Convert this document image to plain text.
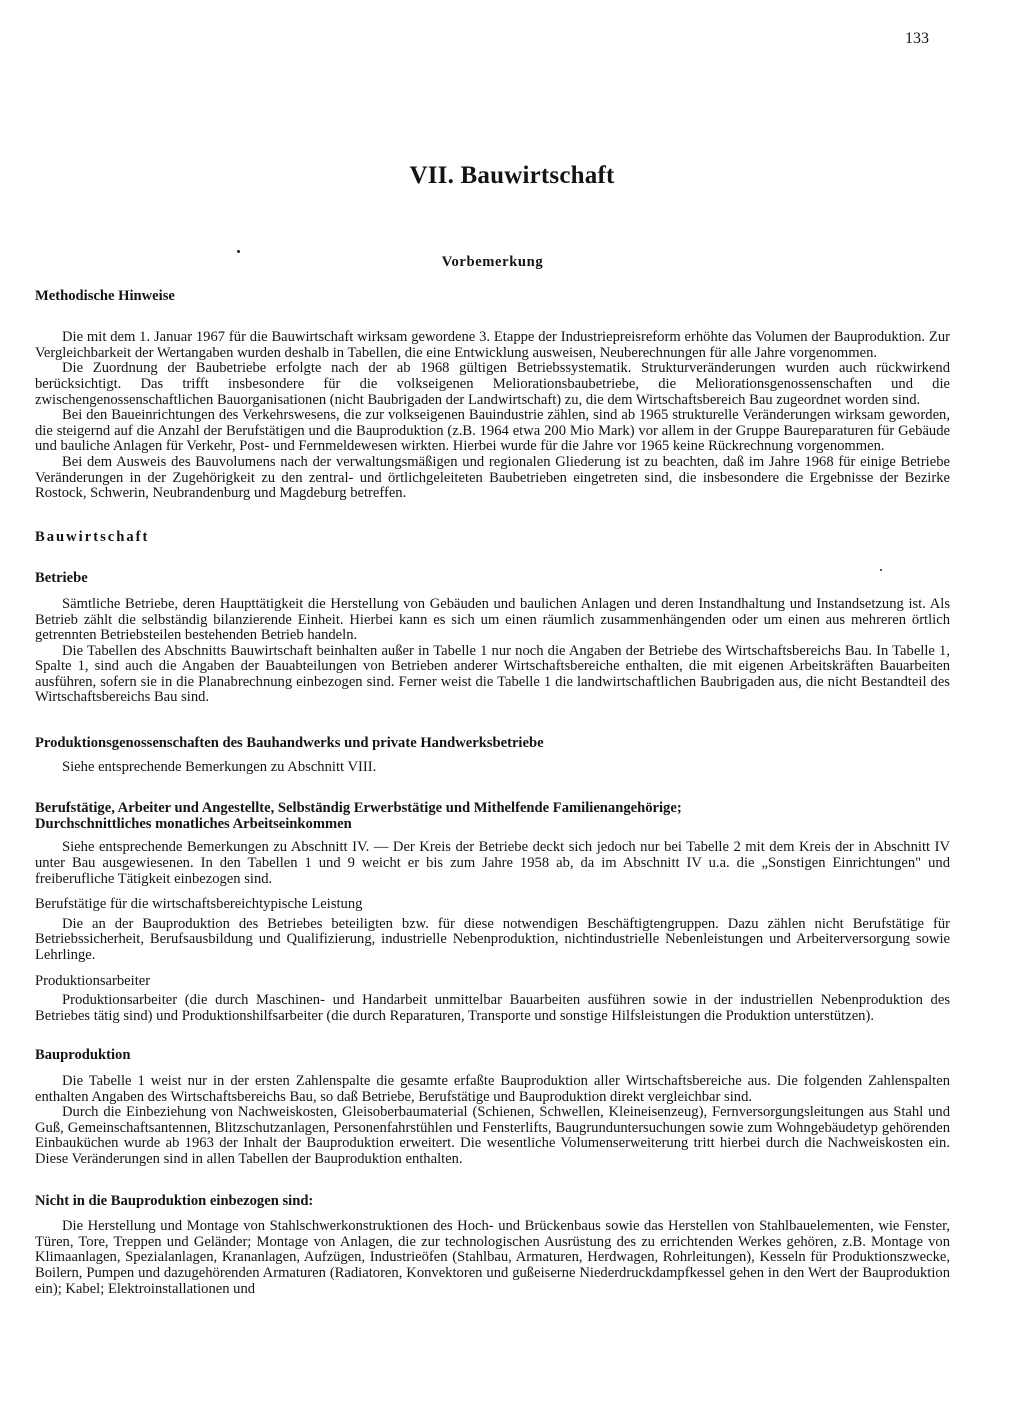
133
VII. Bauwirtschaft
Vorbemerkung
Methodische Hinweise

Die mit dem 1. Januar 1967 für die Bauwirtschaft wirksam gewordene 3. Etappe der Industriepreisreform erhöhte das Volumen der Bauproduktion. Zur Vergleichbarkeit der Wertangaben wurden deshalb in Tabellen, die eine Entwicklung ausweisen, Neuberechnungen für alle Jahre vorgenommen.

Die Zuordnung der Baubetriebe erfolgte nach der ab 1968 gültigen Betriebssystematik. Strukturveränderungen wurden auch rückwirkend berücksichtigt. Das trifft insbesondere für die volkseigenen Meliorationsbaubetriebe, die Meliorationsgenossenschaften und die zwischengenossenschaftlichen Bauorganisationen (nicht Baubrigaden der Landwirtschaft) zu, die dem Wirtschaftsbereich Bau zugeordnet worden sind.

Bei den Baueinrichtungen des Verkehrswesens, die zur volkseigenen Bauindustrie zählen, sind ab 1965 strukturelle Veränderungen wirksam geworden, die steigernd auf die Anzahl der Berufstätigen und die Bauproduktion (z.B. 1964 etwa 200 Mio Mark) vor allem in der Gruppe Baureparaturen für Gebäude und bauliche Anlagen für Verkehr, Post- und Fernmeldewesen wirkten. Hierbei wurde für die Jahre vor 1965 keine Rückrechnung vorgenommen.

Bei dem Ausweis des Bauvolumens nach der verwaltungsmäßigen und regionalen Gliederung ist zu beachten, daß im Jahre 1968 für einige Betriebe Veränderungen in der Zugehörigkeit zu den zentral- und örtlichgeleiteten Baubetrieben eingetreten sind, die insbesondere die Ergebnisse der Bezirke Rostock, Schwerin, Neubrandenburg und Magdeburg betreffen.

Bauwirtschaft
Betriebe

Sämtliche Betriebe, deren Haupttätigkeit die Herstellung von Gebäuden und baulichen Anlagen und deren Instandhaltung und Instandsetzung ist. Als Betrieb zählt die selbständig bilanzierende Einheit. Hierbei kann es sich um einen räumlich zusammenhängenden oder um einen aus mehreren örtlich getrennten Betriebsteilen bestehenden Betrieb handeln.

Die Tabellen des Abschnitts Bauwirtschaft beinhalten außer in Tabelle 1 nur noch die Angaben der Betriebe des Wirtschaftsbereichs Bau. In Tabelle 1, Spalte 1, sind auch die Angaben der Bauabteilungen von Betrieben anderer Wirtschaftsbereiche enthalten, die mit eigenen Arbeitskräften Bauarbeiten ausführen, sofern sie in die Planabrechnung einbezogen sind. Ferner weist die Tabelle 1 die landwirtschaftlichen Baubrigaden aus, die nicht Bestandteil des Wirtschaftsbereichs Bau sind.

Produktionsgenossenschaften des Bauhandwerks und private Handwerksbetriebe

Siehe entsprechende Bemerkungen zu Abschnitt VIII.

Berufstätige, Arbeiter und Angestellte, Selbständig Erwerbstätige und Mithelfende Familienangehörige;
Durchschnittliches monatliches Arbeitseinkommen

Siehe entsprechende Bemerkungen zu Abschnitt IV. — Der Kreis der Betriebe deckt sich jedoch nur bei Tabelle 2 mit dem Kreis der in Abschnitt IV unter Bau ausgewiesenen. In den Tabellen 1 und 9 weicht er bis zum Jahre 1958 ab, da im Abschnitt IV u.a. die „Sonstigen Einrichtungen" und freiberufliche Tätigkeit einbezogen sind.

Berufstätige für die wirtschaftsbereichtypische Leistung

Die an der Bauproduktion des Betriebes beteiligten bzw. für diese notwendigen Beschäftigtengruppen. Dazu zählen nicht Berufstätige für Betriebssicherheit, Berufsausbildung und Qualifizierung, industrielle Nebenproduktion, nichtindustrielle Nebenleistungen und Arbeiterversorgung sowie Lehrlinge.

Produktionsarbeiter

Produktionsarbeiter (die durch Maschinen- und Handarbeit unmittelbar Bauarbeiten ausführen sowie in der industriellen Nebenproduktion des Betriebes tätig sind) und Produktionshilfsarbeiter (die durch Reparaturen, Transporte und sonstige Hilfsleistungen die Produktion unterstützen).

Bauproduktion

Die Tabelle 1 weist nur in der ersten Zahlenspalte die gesamte erfaßte Bauproduktion aller Wirtschaftsbereiche aus. Die folgenden Zahlenspalten enthalten Angaben des Wirtschaftsbereichs Bau, so daß Betriebe, Berufstätige und Bauproduktion direkt vergleichbar sind.

Durch die Einbeziehung von Nachweiskosten, Gleisoberbaumaterial (Schienen, Schwellen, Kleineisenzeug), Fernversorgungsleitungen aus Stahl und Guß, Gemeinschaftsantennen, Blitzschutzanlagen, Personenfahrstühlen und Fensterlifts, Baugrunduntersuchungen sowie zum Wohngebäudetyp gehörenden Einbauküchen wurde ab 1963 der Inhalt der Bauproduktion erweitert. Die wesentliche Volumenserweiterung tritt hierbei durch die Nachweiskosten ein. Diese Veränderungen sind in allen Tabellen der Bauproduktion enthalten.

Nicht in die Bauproduktion einbezogen sind:

Die Herstellung und Montage von Stahlschwerkonstruktionen des Hoch- und Brückenbaus sowie das Herstellen von Stahlbauelementen, wie Fenster, Türen, Tore, Treppen und Geländer; Montage von Anlagen, die zur technologischen Ausrüstung des zu errichtenden Werkes gehören, z.B. Montage von Klimaanlagen, Spezialanlagen, Krananlagen, Aufzügen, Industrieöfen (Stahlbau, Armaturen, Herdwagen, Rohrleitungen), Kesseln für Produktionszwecke, Boilern, Pumpen und dazugehörenden Armaturen (Radiatoren, Konvektoren und gußeiserne Niederdruckdampfkessel gehen in den Wert der Bauproduktion ein); Kabel; Elektroinstallationen und
